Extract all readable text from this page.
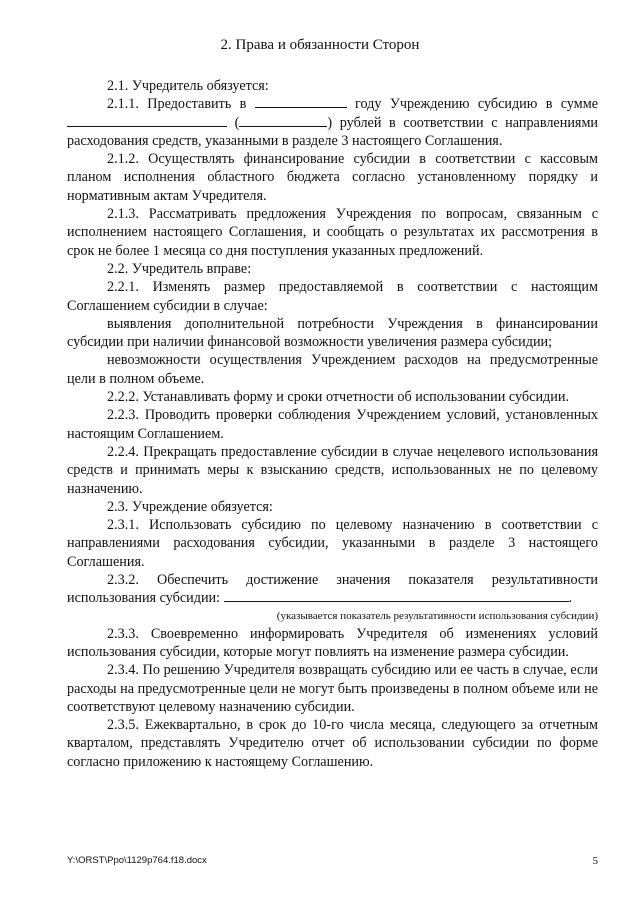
2. Права и обязанности Сторон

2.1. Учредитель обязуется:

2.1.1. Предоставить в	году Учреждению субсидию в сумме  (	) рублей в соответствии с направлениями расходования средств, указанными в разделе 3 настоящего Соглашения.

2.1.2. Осуществлять финансирование субсидии в соответствии с кассовым планом исполнения областного бюджета согласно установленному порядку и нормативным актам Учредителя.

2.1.3. Рассматривать предложения Учреждения по вопросам, связанным с исполнением настоящего Соглашения, и сообщать о результатах их рассмотрения в срок не более 1 месяца со дня поступления указанных предложений.

2.2. Учредитель вправе:

2.2.1. Изменять размер предоставляемой в соответствии с настоящим Соглашением субсидии в случае:

выявления дополнительной потребности Учреждения в финансировании субсидии при наличии финансовой возможности увеличения размера субсидии;

невозможности осуществления Учреждением расходов на предусмотренные цели в полном объеме.

2.2.2. Устанавливать форму и сроки отчетности об использовании субсидии.

2.2.3. Проводить проверки соблюдения Учреждением условий, установленных настоящим Соглашением.

2.2.4. Прекращать предоставление субсидии в случае нецелевого использования средств и принимать меры к взысканию средств, использованных не по целевому назначению.

2.3. Учреждение обязуется:

2.3.1. Использовать субсидию по целевому назначению в соответствии с направлениями расходования субсидии, указанными в разделе 3 настоящего Соглашения.

2.3.2. Обеспечить достижение значения показателя результативности использования субсидии:	.

(указывается показатель результативности использования субсидии)

2.3.3. Своевременно информировать Учредителя об изменениях условий использования субсидии, которые могут повлиять на изменение размера субсидии.

2.3.4. По решению Учредителя возвращать субсидию или ее часть в случае, если расходы на предусмотренные цели не могут быть произведены в полном объеме или не соответствуют целевому назначению субсидии.

2.3.5. Ежеквартально, в срок до 10-го числа месяца, следующего за отчетным кварталом, представлять Учредителю отчет об использовании субсидии по форме согласно приложению к настоящему Соглашению.

Y:\ORST\Ppo\1129p764.f18.docx	5
